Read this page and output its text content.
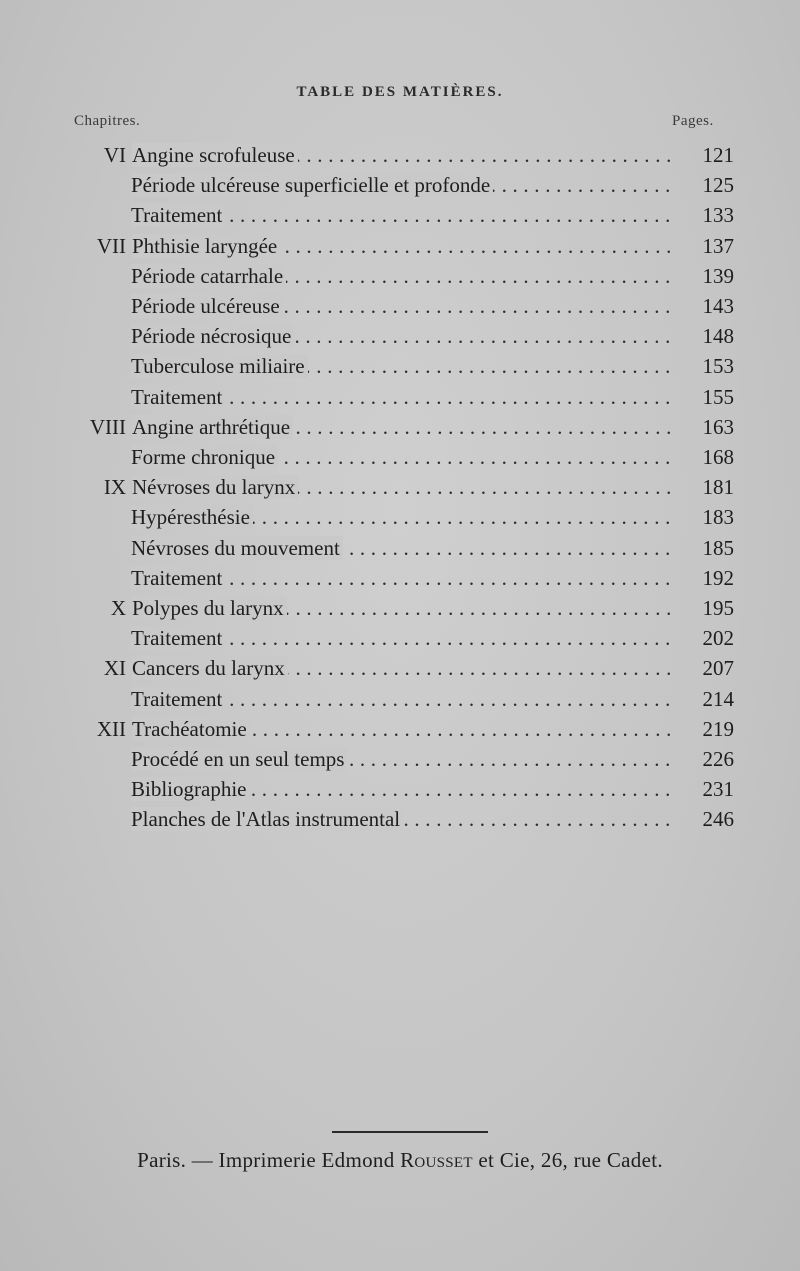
TABLE DES MATIÈRES.
Chapitres.	Pages.
VI Angine scrofuleuse . . .	121
Période ulcéreuse superficielle et profonde . . .	125
Traitement . . .	133
VII Phthisie laryngée . . .	137
Période catarrhale . . .	139
Période ulcéreuse . . .	143
Période nécrosique . . .	148
Tuberculose miliaire . . .	153
Traitement . . .	155
VIII Angine arthrétique . . .	163
Forme chronique . . .	168
IX Névroses du larynx . . .	181
Hypéresthésie . . .	183
Névroses du mouvement . . .	185
Traitement . . .	192
X Polypes du larynx . . .	195
Traitement . . .	202
XI Cancers du larynx . . .	207
Traitement . . .	214
XII Trachéatomie . . .	219
Procédé en un seul temps . . .	226
Bibliographie . . .	231
Planches de l'Atlas instrumental . . .	246
Paris. — Imprimerie Edmond Rousset et Cie, 26, rue Cadet.
